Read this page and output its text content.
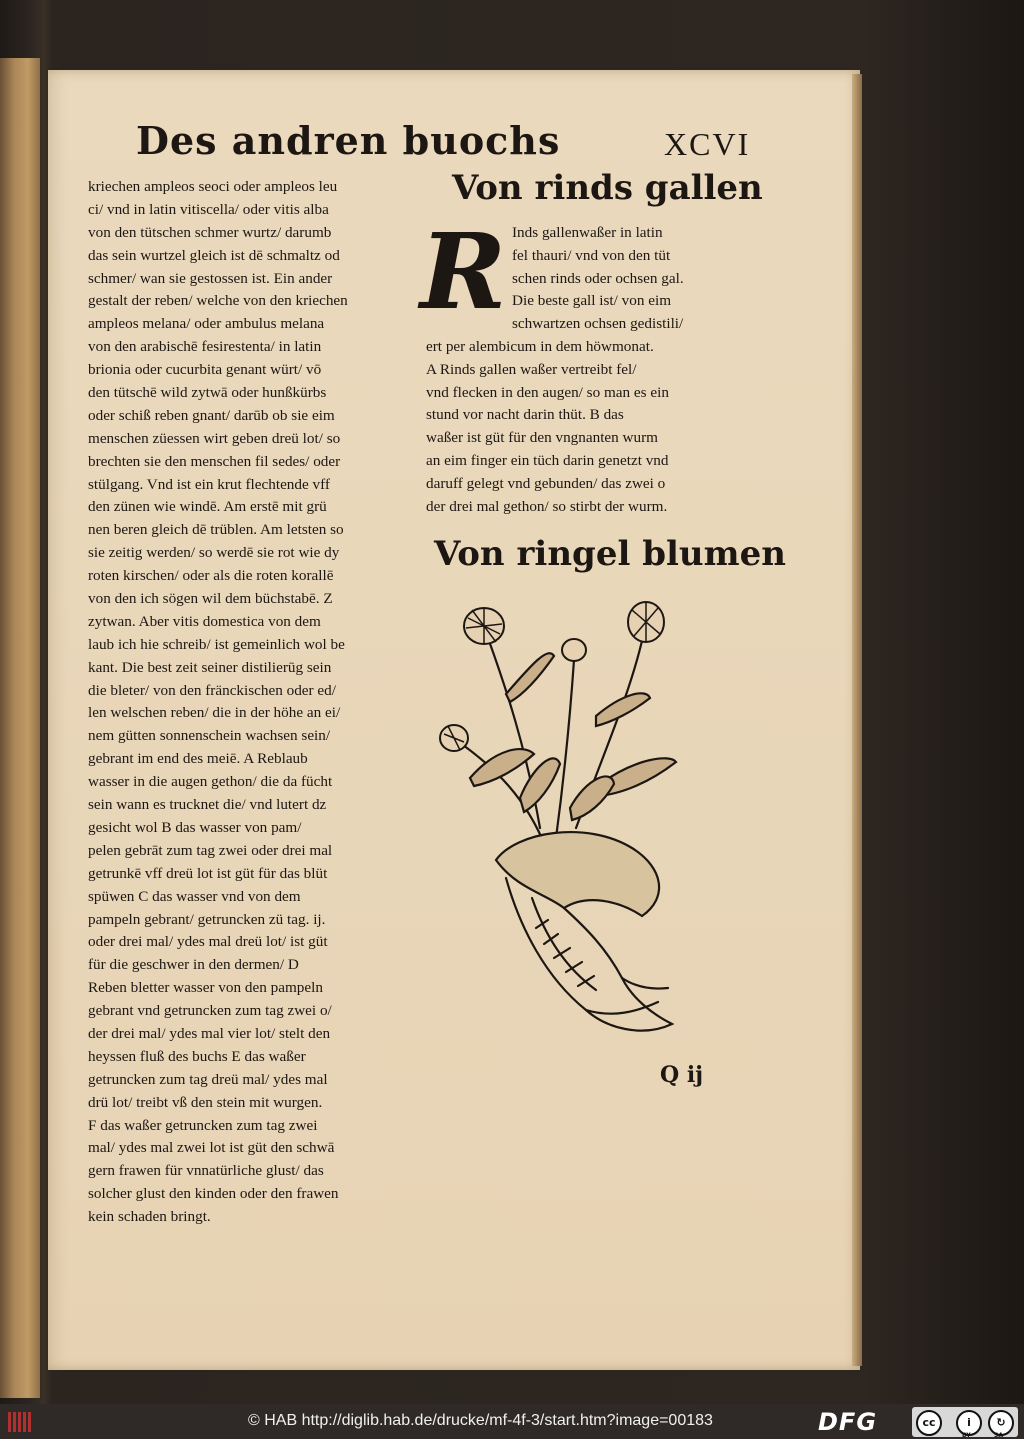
Des andren buochs	XCVI
kriechen ampleos seoci oder ampleos leu
ci/ vnd in latin vitiscella/ oder vitis alba
von den tütschen schmer wurtz/ darumb
das sein wurtzel gleich ist dē schmaltz od
schmer/ wan sie gestossen ist. Ein ander
gestalt der reben/ welche von den kriechen
ampleos melana/ oder ambulus melana
von den arabischē fesirestenta/ in latin
brionia oder cucurbita genant würt/ vō
den tütschē wild zytwā oder hunßkürbs
oder schiß reben gnant/ darūb ob sie eim
menschen züessen wirt geben dreü lot/ so
brechten sie den menschen fil sedes/ oder
stülgang. Vnd ist ein krut flechtende vff
den zünen wie windē. Am erstē mit grü
nen beren gleich dē trüblen. Am letsten so
sie zeitig werden/ so werdē sie rot wie dy
roten kirschen/ oder als die roten korallē
von den ich sögen wil dem büchstabē. Z
zytwan. Aber vitis domestica von dem
laub ich hie schreib/ ist gemeinlich wol be
kant. Die best zeit seiner distilierūg sein
die bleter/ von den fränckischen oder ed/
len welschen reben/ die in der höhe an ei/
nem gütten sonnenschein wachsen sein/
gebrant im end des meiē. A Reblaub
wasser in die augen gethon/ die da fücht
sein wann es trucknet die/ vnd lutert dz
gesicht wol B das wasser von pam/
pelen gebrāt zum tag zwei oder drei mal
getrunkē vff dreü lot ist güt für das blüt
spüwen C das wasser vnd von dem
pampeln gebrant/ getruncken zü tag. ij.
oder drei mal/ ydes mal dreü lot/ ist güt
für die geschwer in den dermen/ D
Reben bletter wasser von den pampeln
gebrant vnd getruncken zum tag zwei o/
der drei mal/ ydes mal vier lot/ stelt den
heyssen fluß des buchs E das waßer
getruncken zum tag dreü mal/ ydes mal
drü lot/ treibt vß den stein mit wurgen.
F das waßer getruncken zum tag zwei
mal/ ydes mal zwei lot ist güt den schwā
gern frawen für vnnatürliche glust/ das
solcher glust den kinden oder den frawen
kein schaden bringt.
Von rinds gallen
R Inds gallenwaßer in latin
fel thauri/ vnd von den tüt
schen rinds oder ochsen gal.
Die beste gall ist/ von eim
schwartzen ochsen gedistili/
ert per alembicum in dem höwmonat.
A Rinds gallen waßer vertreibt fel/
vnd flecken in den augen/ so man es ein
stund vor nacht darin thüt. B das
waßer ist güt für den vngnanten wurm
an eim finger ein tüch darin genetzt vnd
daruff gelegt vnd gebunden/ das zwei o
der drei mal gethon/ so stirbt der wurm.
Von ringel blumen
Q ij
© HAB http://diglib.hab.de/drucke/mf-4f-3/start.htm?image=00183	DFG	cc	i	↻
BY	SA
